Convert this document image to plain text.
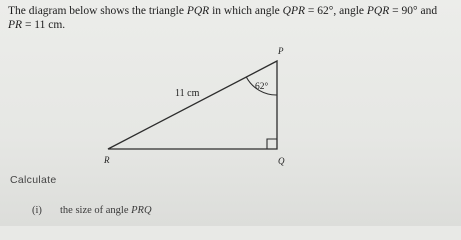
The diagram below shows the triangle PQR in which angle QPR = 62°, angle PQR = 90° and
PR = 11 cm.
P
Q
R
11 cm
62°
Calculate
(i) the size of angle PRQ
